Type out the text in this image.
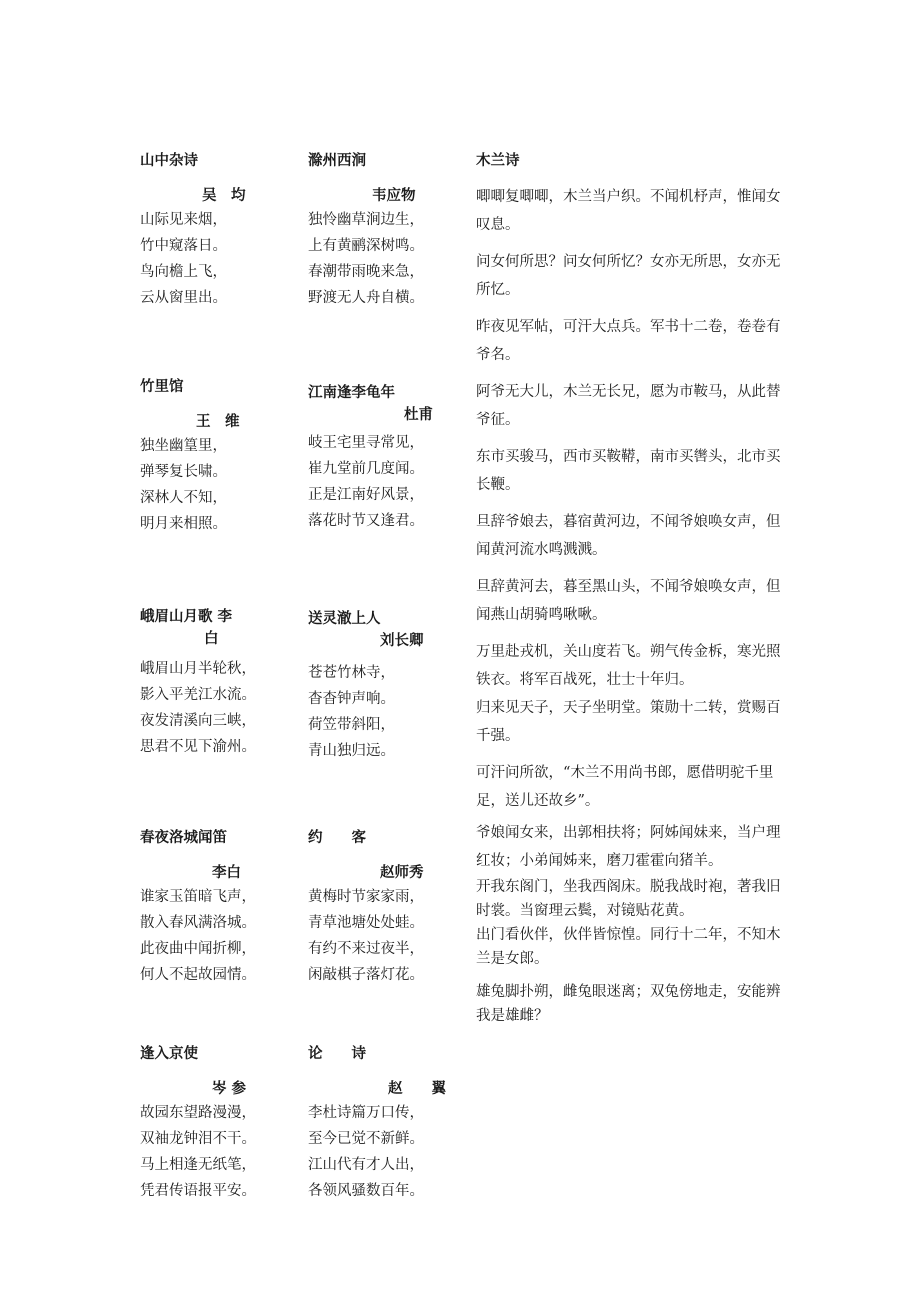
山中杂诗

吴　均

山际见来烟，

竹中窥落日。

鸟向檐上飞，

云从窗里出。

竹里馆

王　维

独坐幽篁里，

弹琴复长啸。

深林人不知，

明月来相照。

峨眉山月歌 李

白

峨眉山月半轮秋，

影入平羌江水流。

夜发清溪向三峡，

思君不见下渝州。

春夜洛城闻笛

李白

谁家玉笛暗飞声，

散入春风满洛城。

此夜曲中闻折柳，

何人不起故园情。

逢入京使

岑 参

故园东望路漫漫，

双袖龙钟泪不干。

马上相逢无纸笔，

凭君传语报平安。

滁州西涧

韦应物

独怜幽草涧边生，

上有黄鹂深树鸣。

春潮带雨晚来急，

野渡无人舟自横。

江南逢李龟年

杜甫

岐王宅里寻常见，

崔九堂前几度闻。

正是江南好风景，

落花时节又逢君。

送灵澈上人

刘长卿

苍苍竹林寺，

杳杳钟声响。

荷笠带斜阳，

青山独归远。

约　　客

赵师秀

黄梅时节家家雨，

青草池塘处处蛙。

有约不来过夜半，

闲敲棋子落灯花。

论　　诗

赵　　翼

李杜诗篇万口传，

至今已觉不新鲜。

江山代有才人出，

各领风骚数百年。

木兰诗

唧唧复唧唧，木兰当户织。不闻机杼声，惟闻女叹息。

问女何所思？问女何所忆？女亦无所思，女亦无所忆。

昨夜见军帖，可汗大点兵。军书十二卷，卷卷有爷名。

阿爷无大儿，木兰无长兄，愿为市鞍马，从此替爷征。

东市买骏马，西市买鞍鞯，南市买辔头，北市买长鞭。

旦辞爷娘去，暮宿黄河边，不闻爷娘唤女声，但闻黄河流水鸣溅溅。

旦辞黄河去，暮至黑山头，不闻爷娘唤女声，但闻燕山胡骑鸣啾啾。

万里赴戎机，关山度若飞。朔气传金柝，寒光照铁衣。将军百战死，壮士十年归。

归来见天子，天子坐明堂。策勋十二转，赏赐百千强。

可汗问所欲，“木兰不用尚书郎，愿借明驼千里足，送儿还故乡”。

爷娘闻女来，出郭相扶将；阿姊闻妹来，当户理红妆；小弟闻姊来，磨刀霍霍向猪羊。

开我东阁门，坐我西阁床。脱我战时袍，著我旧时裳。当窗理云鬓，对镜贴花黄。

出门看伙伴，伙伴皆惊惶。同行十二年，不知木兰是女郎。

雄兔脚扑朔，雌兔眼迷离；双兔傍地走，安能辨我是雄雌？
